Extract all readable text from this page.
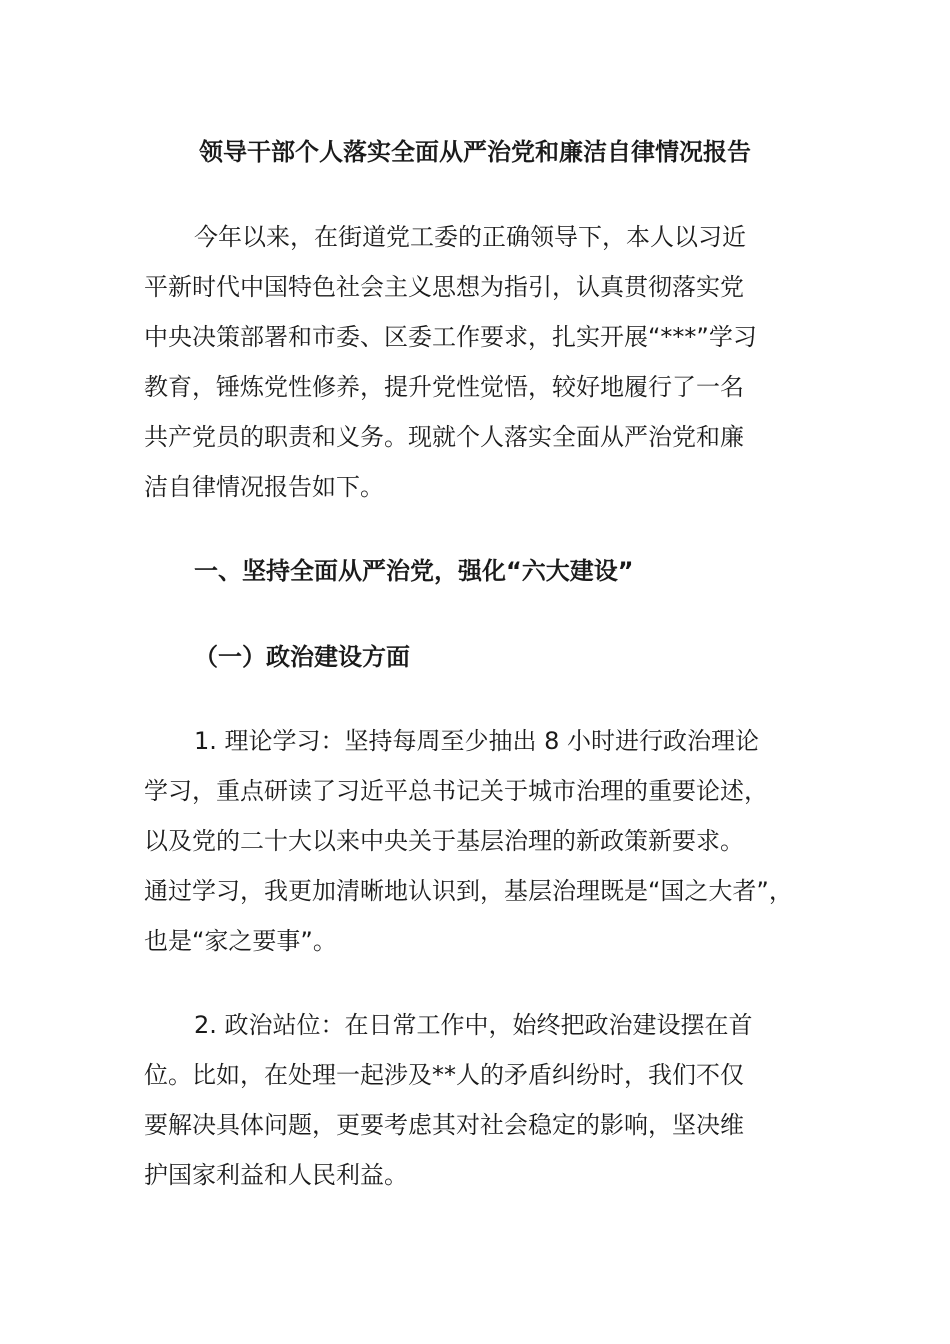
领导干部个人落实全面从严治党和廉洁自律情况报告
今年以来，在街道党工委的正确领导下，本人以习近
平新时代中国特色社会主义思想为指引，认真贯彻落实党
中央决策部署和市委、区委工作要求，扎实开展“***”学习
教育，锤炼党性修养，提升党性觉悟，较好地履行了一名
共产党员的职责和义务。现就个人落实全面从严治党和廉
洁自律情况报告如下。
一、坚持全面从严治党，强化“六大建设”
（一）政治建设方面
1. 理论学习：坚持每周至少抽出 8 小时进行政治理论
学习，重点研读了习近平总书记关于城市治理的重要论述，
以及党的二十大以来中央关于基层治理的新政策新要求。
通过学习，我更加清晰地认识到，基层治理既是“国之大者”，
也是“家之要事”。
2. 政治站位：在日常工作中，始终把政治建设摆在首
位。比如，在处理一起涉及**人的矛盾纠纷时，我们不仅
要解决具体问题，更要考虑其对社会稳定的影响，坚决维
护国家利益和人民利益。
